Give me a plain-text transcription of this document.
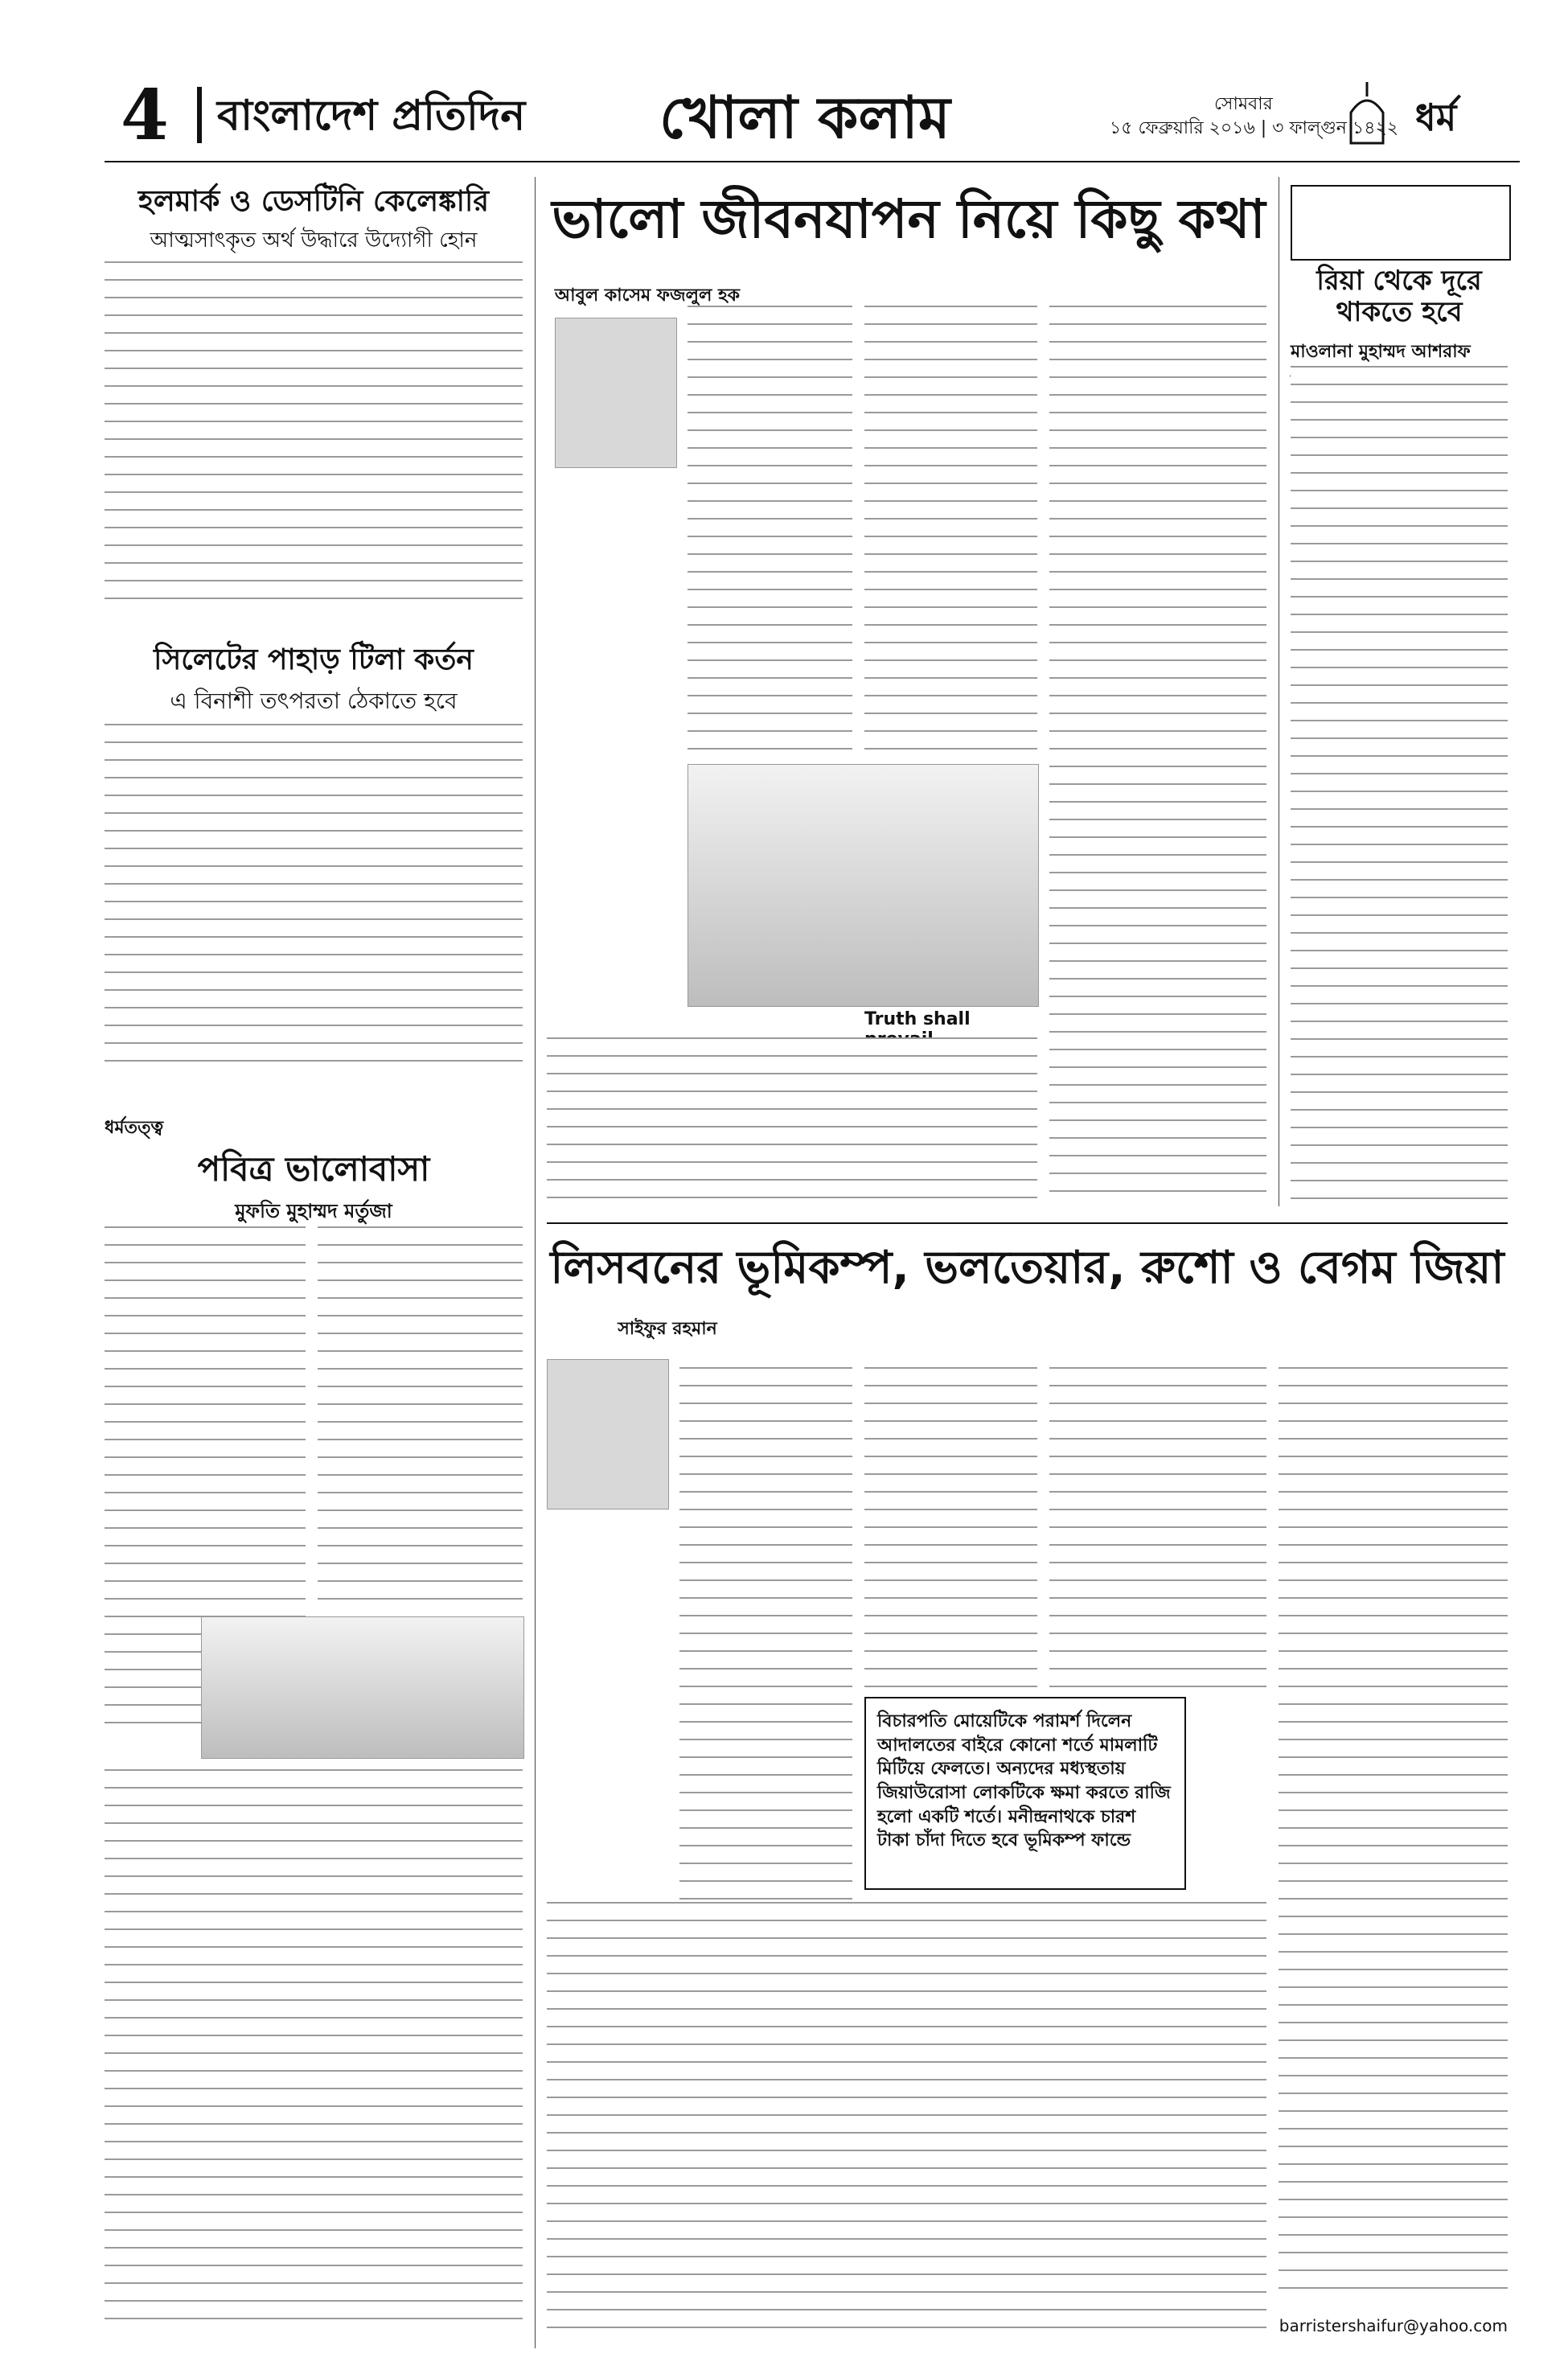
4 বাংলাদেশ প্রতিদিন খোলা কলাম	সোমবার
১৫ ফেব্রুয়ারি ২০১৬ | ৩ ফাল্গুন ১৪২২ ধর্ম
হলমার্ক ও ডেসটিনি কেলেঙ্কারি
আত্মসাৎকৃত অর্থ উদ্ধারে উদ্যোগী হোন
সিলেটের পাহাড় টিলা কর্তন
এ বিনাশী তৎপরতা ঠেকাতে হবে
ধর্মতত্ত্ব
পবিত্র ভালোবাসা
মুফতি মুহাম্মদ মর্তুজা
ভালো জীবনযাপন নিয়ে কিছু কথা
আবুল কাসেম ফজলুল হক
Truth shall
রিয়া থেকে দূরে থাকতে হবে
মাওলানা মুহাম্মদ আশরাফ
লিসবনের ভূমিকম্প, ভলতেয়ার, রুশো ও বেগম জিয়া
সাইফুর রহমান
বিচারপতি মোয়েটিকে পরামর্শ দিলেন আদালতের বাইরে কোনো শর্তে মামলাটি মিটিয়ে ফেলতে। অন্যদের মধ্যস্থতায় জিয়াউরোসা লোকটিকে ক্ষমা করতে রাজি হলো একটি শর্তে। মনীন্দ্রনাথকে চারশ টাকা চাঁদা দিতে হবে ভূমিকম্প ফান্ডে
barristershaifur@yahoo.com
